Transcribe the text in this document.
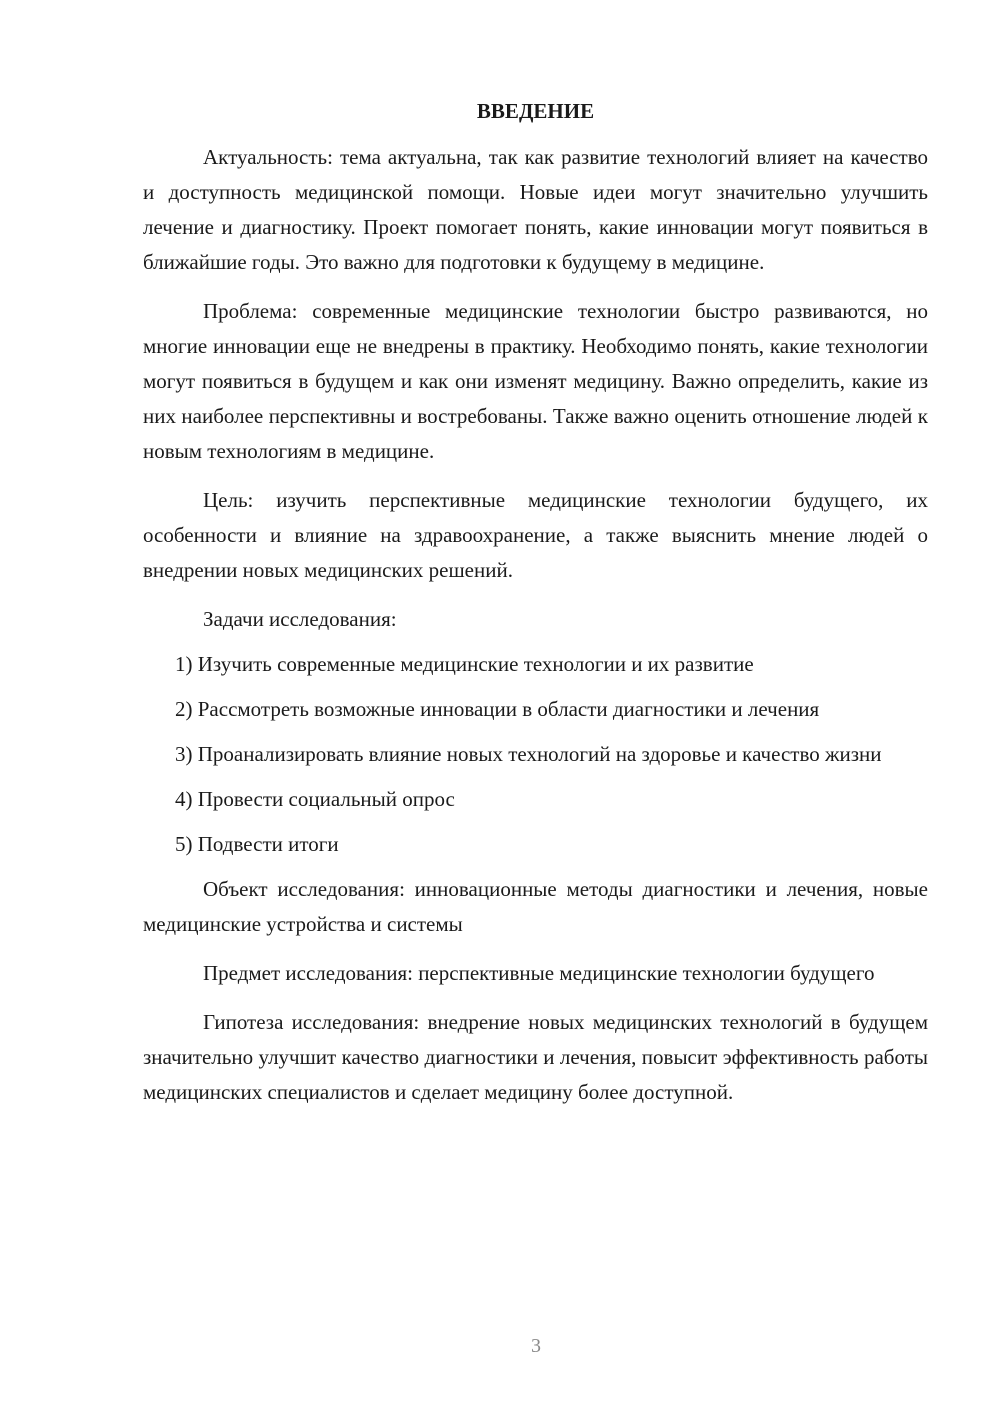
ВВЕДЕНИЕ

Актуальность: тема актуальна, так как развитие технологий влияет на качество и доступность медицинской помощи. Новые идеи могут значительно улучшить лечение и диагностику. Проект помогает понять, какие инновации могут появиться в ближайшие годы. Это важно для подготовки к будущему в медицине.

Проблема: современные медицинские технологии быстро развиваются, но многие инновации еще не внедрены в практику. Необходимо понять, какие технологии могут появиться в будущем и как они изменят медицину. Важно определить, какие из них наиболее перспективны и востребованы. Также важно оценить отношение людей к новым технологиям в медицине.

Цель: изучить перспективные медицинские технологии будущего, их особенности и влияние на здравоохранение, а также выяснить мнение людей о внедрении новых медицинских решений.

Задачи исследования:

1) Изучить современные медицинские технологии и их развитие

2) Рассмотреть возможные инновации в области диагностики и лечения

3) Проанализировать влияние новых технологий на здоровье и качество жизни

4) Провести социальный опрос

5) Подвести итоги

Объект исследования: инновационные методы диагностики и лечения, новые медицинские устройства и системы

Предмет исследования: перспективные медицинские технологии будущего

Гипотеза исследования: внедрение новых медицинских технологий в будущем значительно улучшит качество диагностики и лечения, повысит эффективность работы медицинских специалистов и сделает медицину более доступной.

3
